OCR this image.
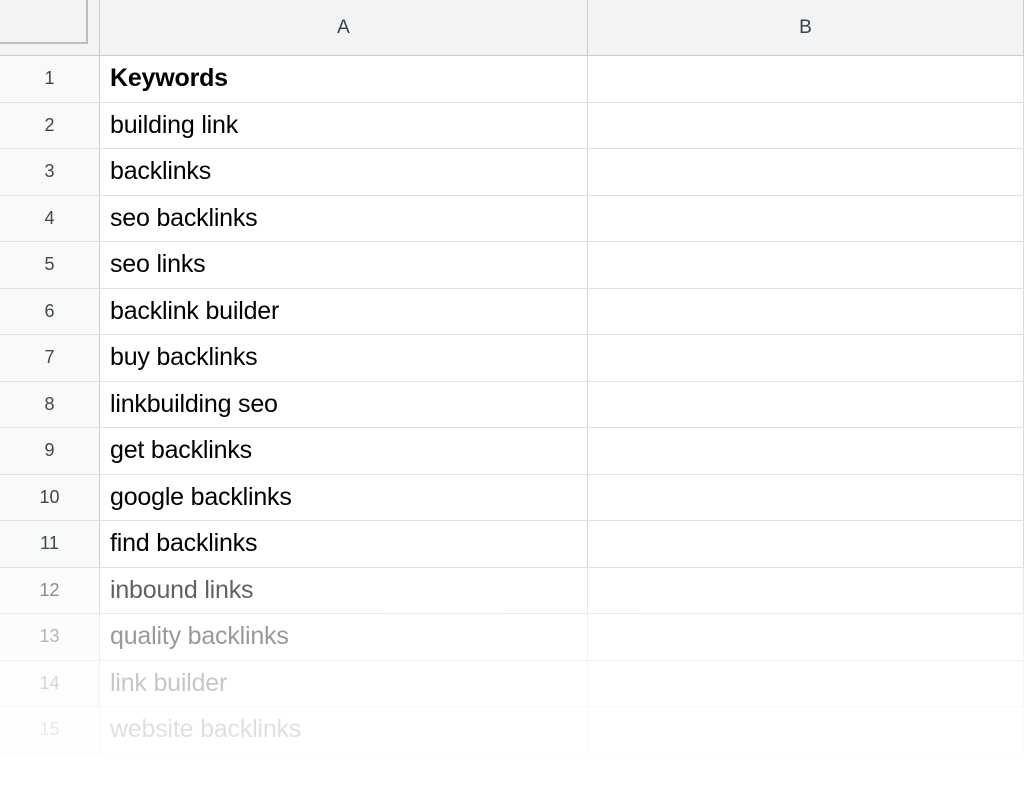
A	B
1	Keywords
2	building link
3	backlinks
4	seo backlinks
5	seo links
6	backlink builder
7	buy backlinks
8	linkbuilding seo
9	get backlinks
10	google backlinks
11	find backlinks
12	inbound links
13	quality backlinks
14	link builder
15	website backlinks
